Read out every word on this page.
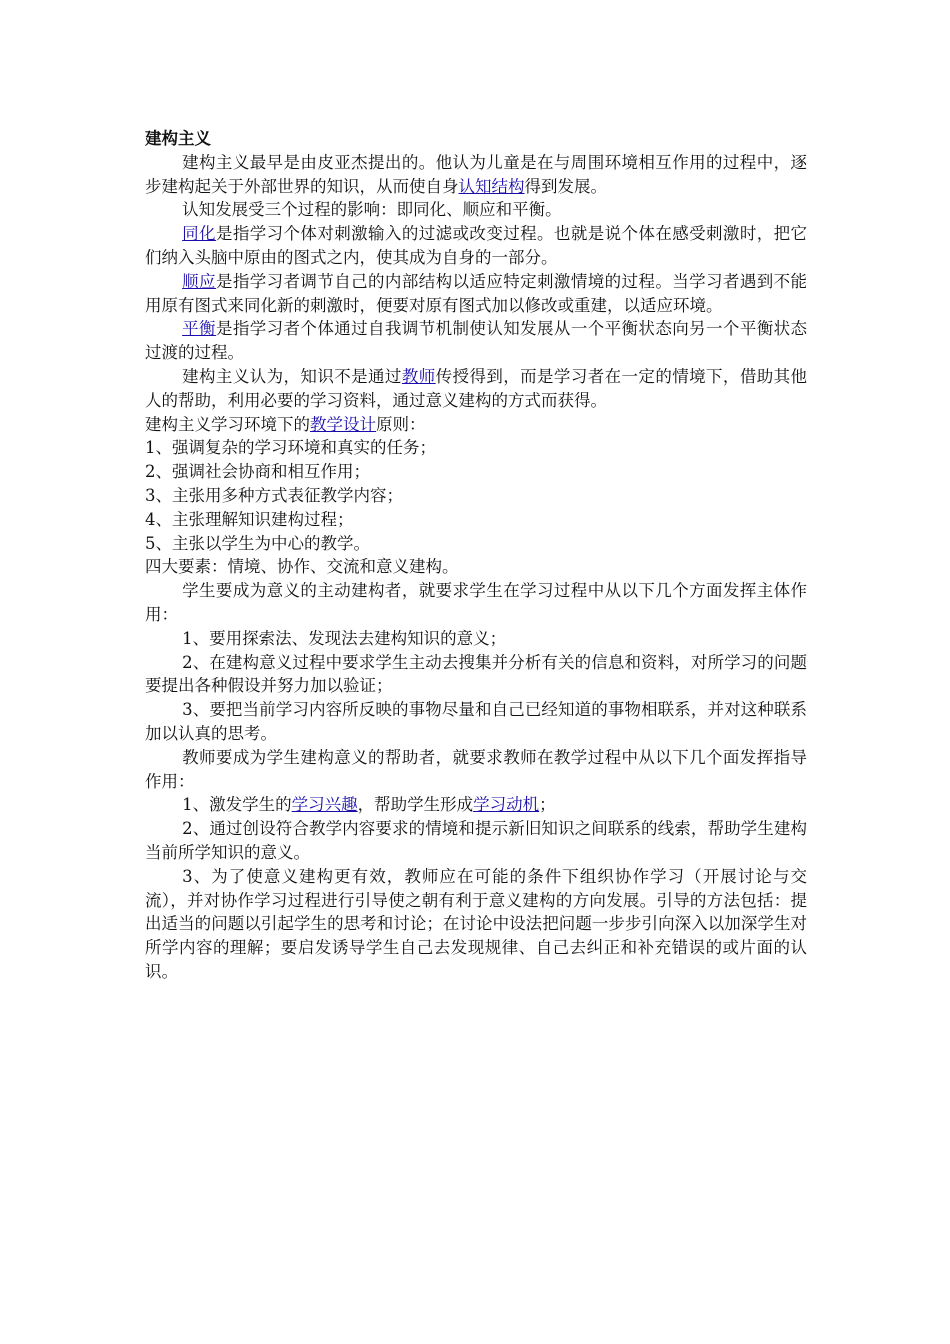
建构主义

建构主义最早是由皮亚杰提出的。他认为儿童是在与周围环境相互作用的过程中，逐步建构起关于外部世界的知识，从而使自身认知结构得到发展。

认知发展受三个过程的影响：即同化、顺应和平衡。

同化是指学习个体对刺激输入的过滤或改变过程。也就是说个体在感受刺激时，把它们纳入头脑中原由的图式之内，使其成为自身的一部分。

顺应是指学习者调节自己的内部结构以适应特定刺激情境的过程。当学习者遇到不能用原有图式来同化新的刺激时，便要对原有图式加以修改或重建，以适应环境。

平衡是指学习者个体通过自我调节机制使认知发展从一个平衡状态向另一个平衡状态过渡的过程。

建构主义认为，知识不是通过教师传授得到，而是学习者在一定的情境下，借助其他人的帮助，利用必要的学习资料，通过意义建构的方式而获得。

建构主义学习环境下的教学设计原则：

1、强调复杂的学习环境和真实的任务；

2、强调社会协商和相互作用；

3、主张用多种方式表征教学内容；

4、主张理解知识建构过程；

5、主张以学生为中心的教学。

四大要素：情境、协作、交流和意义建构。

学生要成为意义的主动建构者，就要求学生在学习过程中从以下几个方面发挥主体作用：

1、要用探索法、发现法去建构知识的意义；

2、在建构意义过程中要求学生主动去搜集并分析有关的信息和资料，对所学习的问题要提出各种假设并努力加以验证；

3、要把当前学习内容所反映的事物尽量和自己已经知道的事物相联系，并对这种联系加以认真的思考。

教师要成为学生建构意义的帮助者，就要求教师在教学过程中从以下几个面发挥指导作用：

1、激发学生的学习兴趣，帮助学生形成学习动机；

2、通过创设符合教学内容要求的情境和提示新旧知识之间联系的线索，帮助学生建构当前所学知识的意义。

3、为了使意义建构更有效，教师应在可能的条件下组织协作学习（开展讨论与交流），并对协作学习过程进行引导使之朝有利于意义建构的方向发展。引导的方法包括：提出适当的问题以引起学生的思考和讨论；在讨论中设法把问题一步步引向深入以加深学生对所学内容的理解；要启发诱导学生自己去发现规律、自己去纠正和补充错误的或片面的认识。
